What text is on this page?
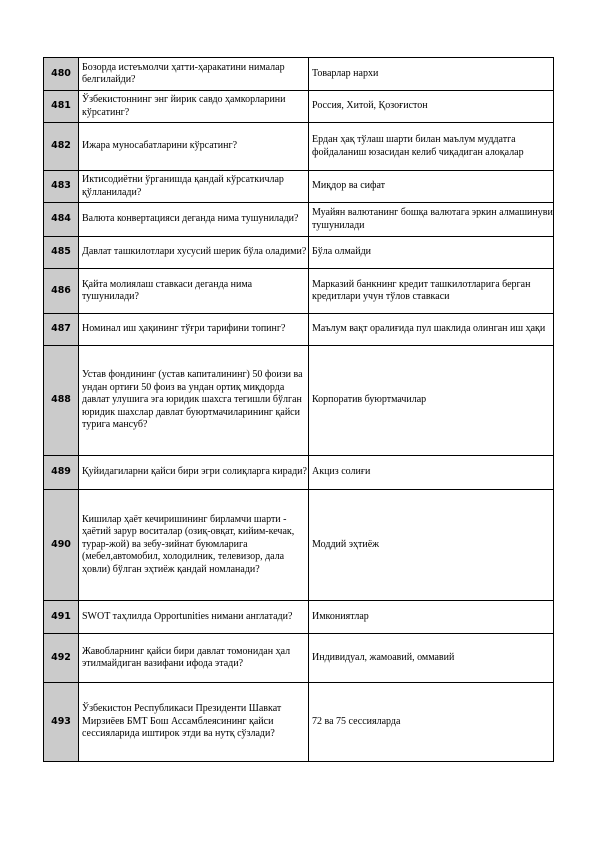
480	Бозорда истеъмолчи ҳатти-ҳаракатини нималар белгилайди?	Товарлар нархи
481	Ўзбекистоннинг энг йирик савдо ҳамкорларини кўрсатинг?	Россия, Хитой, Қозоғистон
482	Ижара муносабатларини кўрсатинг?	Ердан ҳақ тўлаш шарти билан маълум муддатга фойдаланиш юзасидан келиб чиқадиган алоқалар
483	Иктисодиётни ўрганишда қандай кўрсаткичлар қўлланилади?	Миқдор ва сифат
484	Валюта конвертацияси деганда нима тушунилади?	Муайян валютанинг бошқа валютага эркин алмашинуви тушунилади
485	Давлат ташкилотлари хусусий шерик бўла оладими?	Бўла олмайди
486	Қайта молиялаш ставкаси деганда нима тушунилади?	Марказий банкнинг кредит ташкилотларига берган кредитлари учун тўлов ставкаси
487	Номинал иш ҳақининг тўғри тарифини топинг?	Маълум вақт оралиғида пул шаклида олинган иш ҳақи
488	Устав фондининг (устав капиталининг) 50 фоизи ва ундан ортиғи 50 фоиз ва ундан ортиқ миқдорда давлат улушига эга юридик шахсга тегишли бўлган юридик шахслар давлат буюртмачиларининг қайси турига мансуб?	Корпоратив буюртмачилар
489	Қуйидагиларни қайси бири эгри солиқларга киради?	Акциз солиғи
490	Кишилар ҳаёт кечиришининг бирламчи шарти - ҳаётий зарур воситалар (озиқ-овқат, кийим-кечак, турар-жой) ва зебу-зийнат буюмларига (мебел,автомобил, холодилник, телевизор, дала ҳовли) бўлган эҳтиёж қандай номланади?	Моддий эҳтиёж
491	SWOT таҳлилда Opportunities нимани англатади?	Имкониятлар
492	Жавобларнинг қайси бири давлат томонидан ҳал этилмайдиган вазифани ифода этади?	Индивидуал, жамоавий, оммавий
493	Ўзбекистон Республикаси Президенти Шавкат Мирзиёев БМТ Бош Ассамблеясининг қайси сессияларида иштирок этди ва нутқ сўзлади?	72 ва 75 сессияларда
